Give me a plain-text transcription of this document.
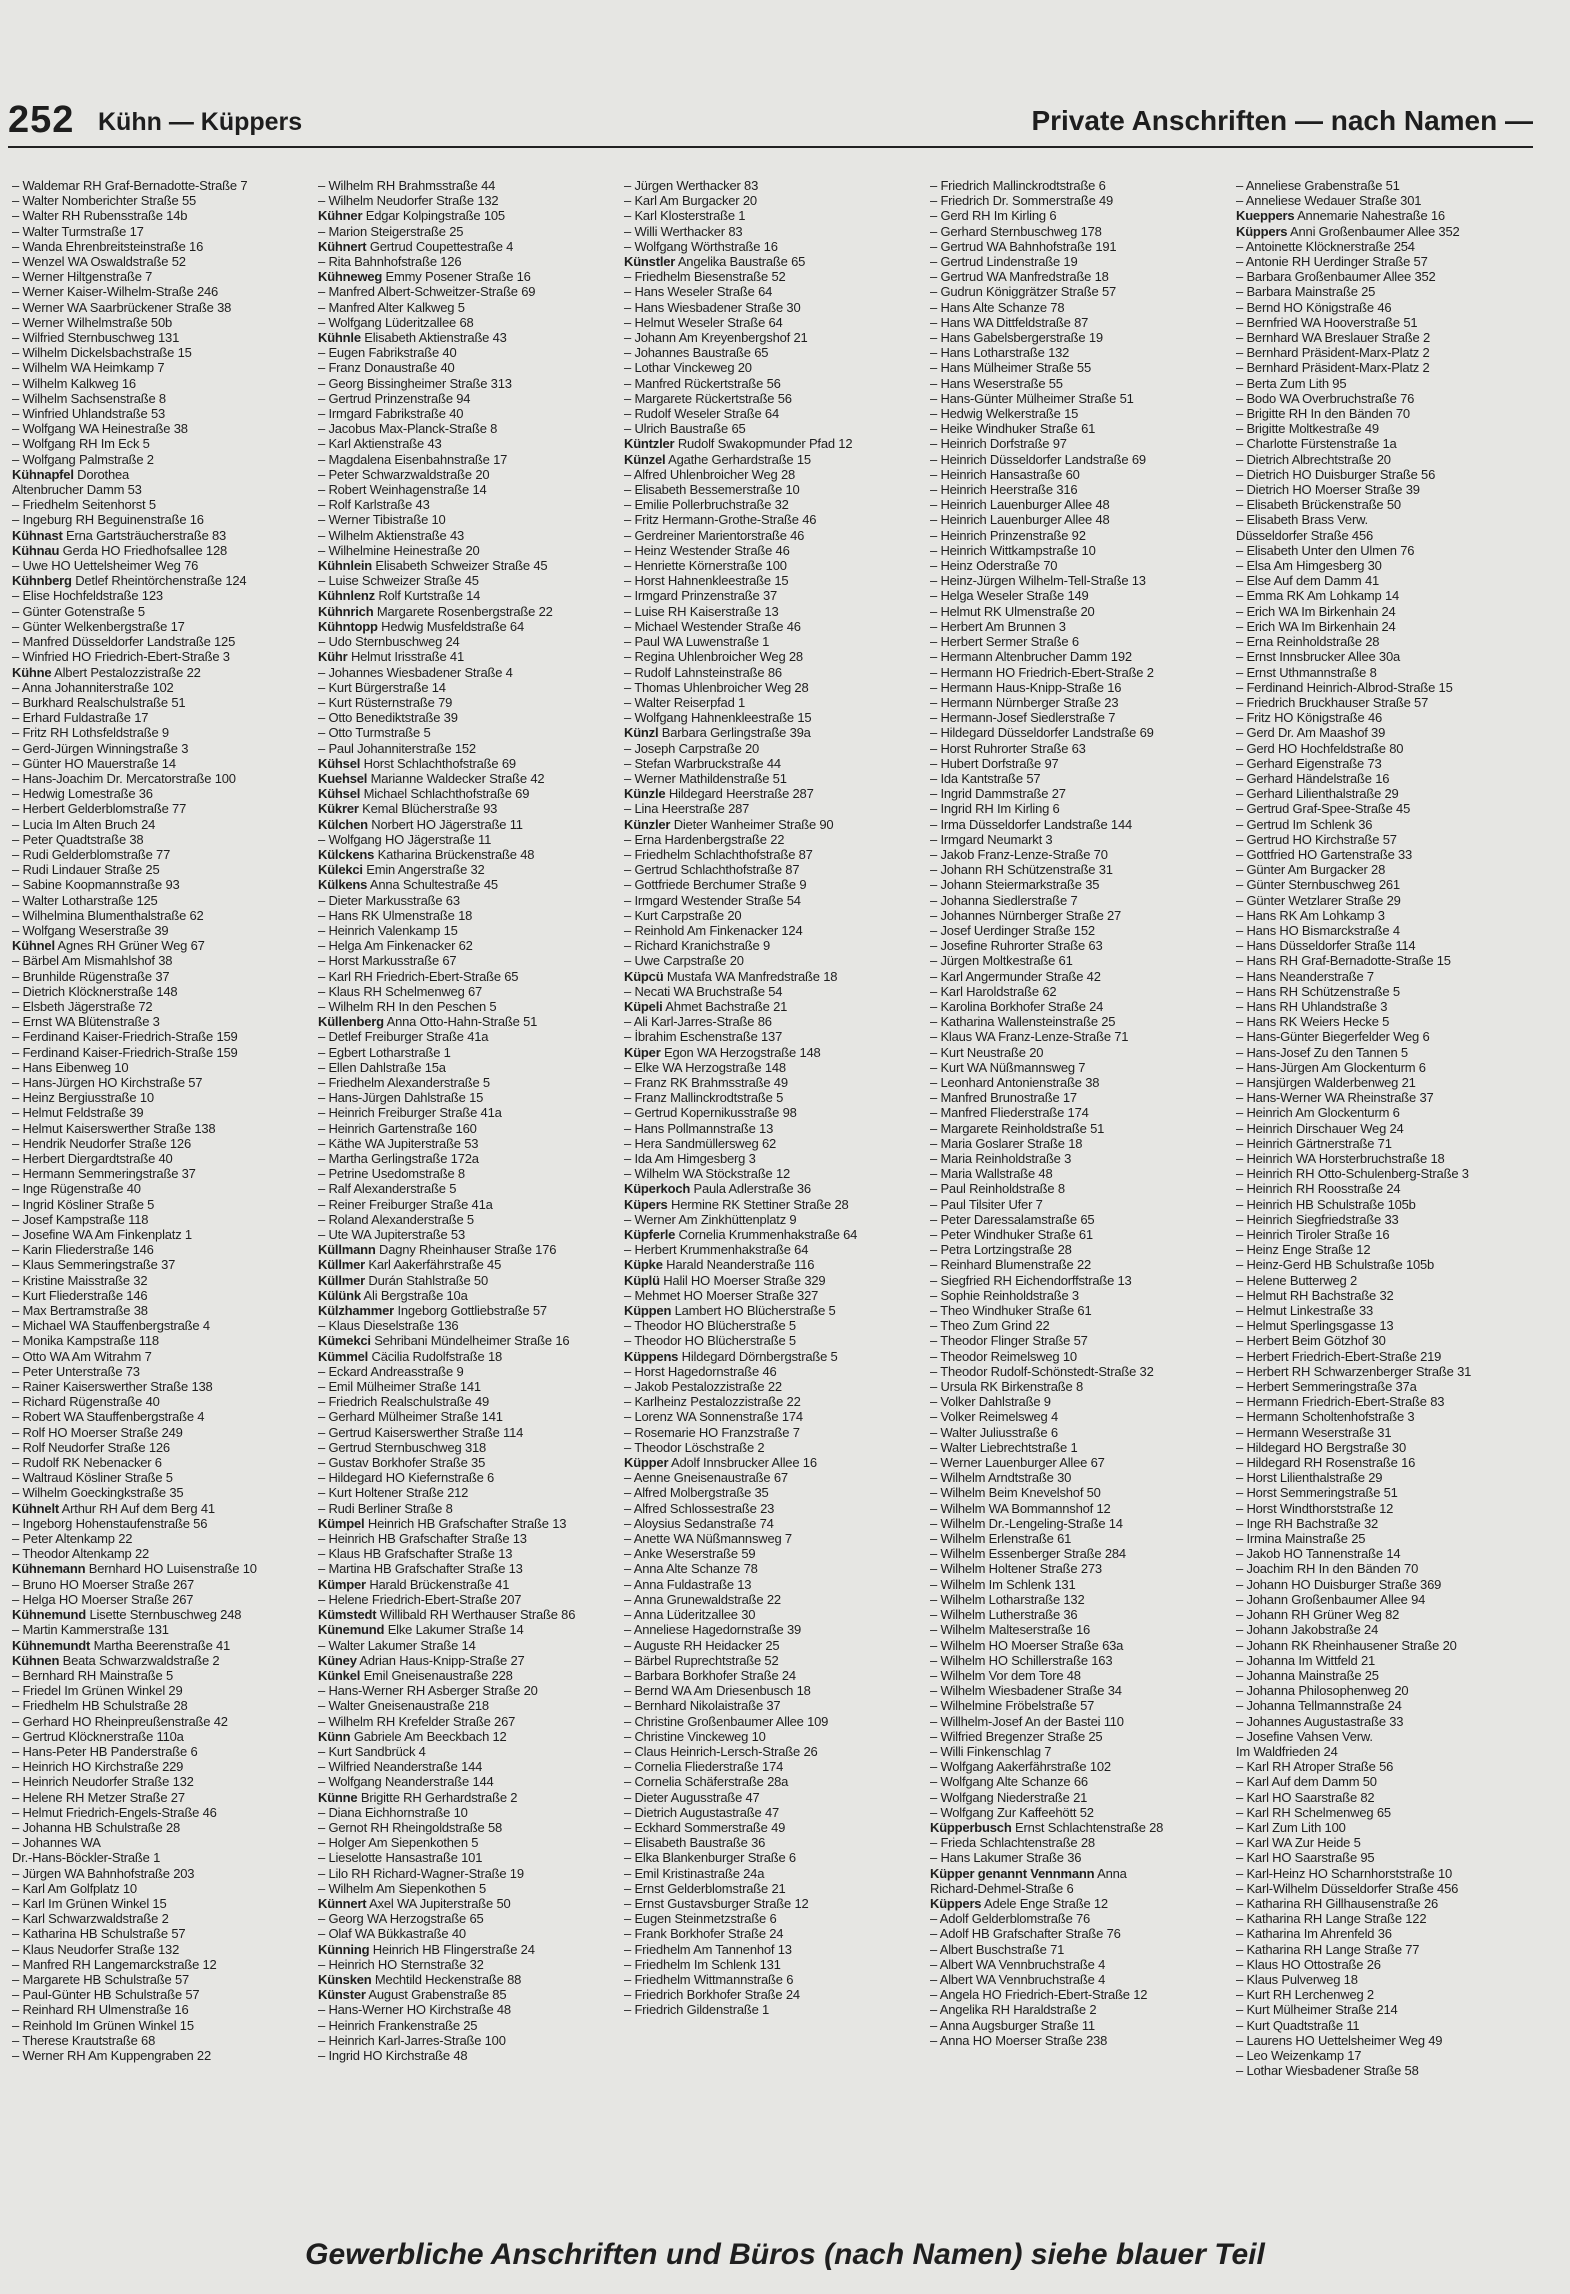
252 Kühn — Küppers	Private Anschriften — nach Namen —
– Waldemar RH Graf-Bernadotte-Straße 7
– Walter Nomberichter Straße 55
– Walter RH Rubensstraße 14b
– Walter Turmstraße 17
– Wanda Ehrenbreitsteinstraße 16
– Wenzel WA Oswaldstraße 52
– Werner Hiltgenstraße 7
– Werner Kaiser-Wilhelm-Straße 246
– Werner WA Saarbrückener Straße 38
– Werner Wilhelmstraße 50b
– Wilfried Sternbuschweg 131
– Wilhelm Dickelsbachstraße 15
– Wilhelm WA Heimkamp 7
– Wilhelm Kalkweg 16
– Wilhelm Sachsenstraße 8
– Winfried Uhlandstraße 53
– Wolfgang WA Heinestraße 38
– Wolfgang RH Im Eck 5
– Wolfgang Palmstraße 2
Kühnapfel Dorothea
Altenbrucher Damm 53
– Friedhelm Seitenhorst 5
– Ingeburg RH Beguinenstraße 16
Kühnast Erna Gartsträucherstraße 83
Kühnau Gerda HO Friedhofsallee 128
– Uwe HO Uettelsheimer Weg 76
Kühnberg Detlef Rheintörchenstraße 124
– Elise Hochfeldstraße 123
– Günter Gotenstraße 5
– Günter Welkenbergstraße 17
– Manfred Düsseldorfer Landstraße 125
– Winfried HO Friedrich-Ebert-Straße 3
Kühne Albert Pestalozzistraße 22
– Anna Johanniterstraße 102
– Burkhard Realschulstraße 51
– Erhard Fuldastraße 17
– Fritz RH Lothsfeldstraße 9
– Gerd-Jürgen Winningstraße 3
– Günter HO Mauerstraße 14
– Hans-Joachim Dr. Mercatorstraße 100
– Hedwig Lomestraße 36
– Herbert Gelderblomstraße 77
– Lucia Im Alten Bruch 24
– Peter Quadtstraße 38
– Rudi Gelderblomstraße 77
– Rudi Lindauer Straße 25
– Sabine Koopmannstraße 93
– Walter Lotharstraße 125
– Wilhelmina Blumenthalstraße 62
– Wolfgang Weserstraße 39
Kühnel Agnes RH Grüner Weg 67
– Bärbel Am Mismahlshof 38
– Brunhilde Rügenstraße 37
– Dietrich Klöcknerstraße 148
– Elsbeth Jägerstraße 72
– Ernst WA Blütenstraße 3
– Ferdinand Kaiser-Friedrich-Straße 159
– Ferdinand Kaiser-Friedrich-Straße 159
– Hans Eibenweg 10
– Hans-Jürgen HO Kirchstraße 57
– Heinz Bergiusstraße 10
– Helmut Feldstraße 39
– Helmut Kaiserswerther Straße 138
– Hendrik Neudorfer Straße 126
– Herbert Diergardtstraße 40
– Hermann Semmeringstraße 37
– Inge Rügenstraße 40
– Ingrid Kösliner Straße 5
– Josef Kampstraße 118
– Josefine WA Am Finkenplatz 1
– Karin Fliederstraße 146
– Klaus Semmeringstraße 37
– Kristine Maisstraße 32
– Kurt Fliederstraße 146
– Max Bertramstraße 38
– Michael WA Stauffenbergstraße 4
– Monika Kampstraße 118
– Otto WA Am Witrahm 7
– Peter Unterstraße 73
– Rainer Kaiserswerther Straße 138
– Richard Rügenstraße 40
– Robert WA Stauffenbergstraße 4
– Rolf HO Moerser Straße 249
– Rolf Neudorfer Straße 126
– Rudolf RK Nebenacker 6
– Waltraud Kösliner Straße 5
– Wilhelm Goeckingkstraße 35
Kühnelt Arthur RH Auf dem Berg 41
– Ingeborg Hohenstaufenstraße 56
– Peter Altenkamp 22
– Theodor Altenkamp 22
Kühnemann Bernhard HO Luisenstraße 10
– Bruno HO Moerser Straße 267
– Helga HO Moerser Straße 267
Kühnemund Lisette Sternbuschweg 248
– Martin Kammerstraße 131
Kühnemundt Martha Beerenstraße 41
Kühnen Beata Schwarzwaldstraße 2
– Bernhard RH Mainstraße 5
– Friedel Im Grünen Winkel 29
– Friedhelm HB Schulstraße 28
– Gerhard HO Rheinpreußenstraße 42
– Gertrud Klöcknerstraße 110a
– Hans-Peter HB Panderstraße 6
– Heinrich HO Kirchstraße 229
– Heinrich Neudorfer Straße 132
– Helene RH Metzer Straße 27
– Helmut Friedrich-Engels-Straße 46
– Johanna HB Schulstraße 28
– Johannes WA
Dr.-Hans-Böckler-Straße 1
– Jürgen WA Bahnhofstraße 203
– Karl Am Golfplatz 10
– Karl Im Grünen Winkel 15
– Karl Schwarzwaldstraße 2
– Katharina HB Schulstraße 57
– Klaus Neudorfer Straße 132
– Manfred RH Langemarckstraße 12
– Margarete HB Schulstraße 57
– Paul-Günter HB Schulstraße 57
– Reinhard RH Ulmenstraße 16
– Reinhold Im Grünen Winkel 15
– Therese Krautstraße 68
– Werner RH Am Kuppengraben 22
– Wilhelm RH Brahmsstraße 44
– Wilhelm Neudorfer Straße 132
Kühner Edgar Kolpingstraße 105
– Marion Steigerstraße 25
Kühnert Gertrud Coupettestraße 4
– Rita Bahnhofstraße 126
Kühneweg Emmy Posener Straße 16
– Manfred Albert-Schweitzer-Straße 69
– Manfred Alter Kalkweg 5
– Wolfgang Lüderitzallee 68
Kühnle Elisabeth Aktienstraße 43
– Eugen Fabrikstraße 40
– Franz Donaustraße 40
– Georg Bissingheimer Straße 313
– Gertrud Prinzenstraße 94
– Irmgard Fabrikstraße 40
– Jacobus Max-Planck-Straße 8
– Karl Aktienstraße 43
– Magdalena Eisenbahnstraße 17
– Peter Schwarzwaldstraße 20
– Robert Weinhagenstraße 14
– Rolf Karlstraße 43
– Werner Tibistraße 10
– Wilhelm Aktienstraße 43
– Wilhelmine Heinestraße 20
Kühnlein Elisabeth Schweizer Straße 45
– Luise Schweizer Straße 45
Kühnlenz Rolf Kurtstraße 14
Kühnrich Margarete Rosenbergstraße 22
Kühntopp Hedwig Musfeldstraße 64
– Udo Sternbuschweg 24
Kühr Helmut Irisstraße 41
– Johannes Wiesbadener Straße 4
– Kurt Bürgerstraße 14
– Kurt Rüsternstraße 79
– Otto Benediktstraße 39
– Otto Turmstraße 5
– Paul Johanniterstraße 152
Kühsel Horst Schlachthofstraße 69
Kuehsel Marianne Waldecker Straße 42
Kühsel Michael Schlachthofstraße 69
Kükrer Kemal Blücherstraße 93
Külchen Norbert HO Jägerstraße 11
– Wolfgang HO Jägerstraße 11
Külckens Katharina Brückenstraße 48
Külekci Emin Angerstraße 32
Külkens Anna Schultestraße 45
– Dieter Markusstraße 63
– Hans RK Ulmenstraße 18
– Heinrich Valenkamp 15
– Helga Am Finkenacker 62
– Horst Markusstraße 67
– Karl RH Friedrich-Ebert-Straße 65
– Klaus RH Schelmenweg 67
– Wilhelm RH In den Peschen 5
Küllenberg Anna Otto-Hahn-Straße 51
– Detlef Freiburger Straße 41a
– Egbert Lotharstraße 1
– Ellen Dahlstraße 15a
– Friedhelm Alexanderstraße 5
– Hans-Jürgen Dahlstraße 15
– Heinrich Freiburger Straße 41a
– Heinrich Gartenstraße 160
– Käthe WA Jupiterstraße 53
– Martha Gerlingstraße 172a
– Petrine Usedomstraße 8
– Ralf Alexanderstraße 5
– Reiner Freiburger Straße 41a
– Roland Alexanderstraße 5
– Ute WA Jupiterstraße 53
Küllmann Dagny Rheinhauser Straße 176
Küllmer Karl Aakerfährstraße 45
Küllmer Durán Stahlstraße 50
Külünk Ali Bergstraße 10a
Külzhammer Ingeborg Gottliebstraße 57
– Klaus Dieselstraße 136
Kümekci Sehribani Mündelheimer Straße 16
Kümmel Cäcilia Rudolfstraße 18
– Eckard Andreasstraße 9
– Emil Mülheimer Straße 141
– Friedrich Realschulstraße 49
– Gerhard Mülheimer Straße 141
– Gertrud Kaiserswerther Straße 114
– Gertrud Sternbuschweg 318
– Gustav Borkhofer Straße 35
– Hildegard HO Kiefernstraße 6
– Kurt Holtener Straße 212
– Rudi Berliner Straße 8
Kümpel Heinrich HB Grafschafter Straße 13
– Heinrich HB Grafschafter Straße 13
– Klaus HB Grafschafter Straße 13
– Martina HB Grafschafter Straße 13
Kümper Harald Brückenstraße 41
– Helene Friedrich-Ebert-Straße 207
Kümstedt Willibald RH Werthauser Straße 86
Künemund Elke Lakumer Straße 14
– Walter Lakumer Straße 14
Küney Adrian Haus-Knipp-Straße 27
Künkel Emil Gneisenaustraße 228
– Hans-Werner RH Asberger Straße 20
– Walter Gneisenaustraße 218
– Wilhelm RH Krefelder Straße 267
Künn Gabriele Am Beeckbach 12
– Kurt Sandbrück 4
– Wilfried Neanderstraße 144
– Wolfgang Neanderstraße 144
Künne Brigitte RH Gerhardstraße 2
– Diana Eichhornstraße 10
– Gernot RH Rheingoldstraße 58
– Holger Am Siepenkothen 5
– Lieselotte Hansastraße 101
– Lilo RH Richard-Wagner-Straße 19
– Wilhelm Am Siepenkothen 5
Künnert Axel WA Jupiterstraße 50
– Georg WA Herzogstraße 65
– Olaf WA Bükkastraße 40
Künning Heinrich HB Flingerstraße 24
– Heinrich HO Sternstraße 32
Künsken Mechtild Heckenstraße 88
Künster August Grabenstraße 85
– Hans-Werner HO Kirchstraße 48
– Heinrich Frankenstraße 25
– Heinrich Karl-Jarres-Straße 100
– Ingrid HO Kirchstraße 48
– Jürgen Werthacker 83
– Karl Am Burgacker 20
– Karl Klosterstraße 1
– Willi Werthacker 83
– Wolfgang Wörthstraße 16
Künstler Angelika Baustraße 65
– Friedhelm Biesenstraße 52
– Hans Weseler Straße 64
– Hans Wiesbadener Straße 30
– Helmut Weseler Straße 64
– Johann Am Kreyenbergshof 21
– Johannes Baustraße 65
– Lothar Vinckeweg 20
– Manfred Rückertstraße 56
– Margarete Rückertstraße 56
– Rudolf Weseler Straße 64
– Ulrich Baustraße 65
Küntzler Rudolf Swakopmunder Pfad 12
Künzel Agathe Gerhardstraße 15
– Alfred Uhlenbroicher Weg 28
– Elisabeth Bessemerstraße 10
– Emilie Pollerbruchstraße 32
– Fritz Hermann-Grothe-Straße 46
– Gerdreiner Marientorstraße 46
– Heinz Westender Straße 46
– Henriette Körnerstraße 100
– Horst Hahnenkleestraße 15
– Irmgard Prinzenstraße 37
– Luise RH Kaiserstraße 13
– Michael Westender Straße 46
– Paul WA Luwenstraße 1
– Regina Uhlenbroicher Weg 28
– Rudolf Lahnsteinstraße 86
– Thomas Uhlenbroicher Weg 28
– Walter Reiserpfad 1
– Wolfgang Hahnenkleestraße 15
Künzl Barbara Gerlingstraße 39a
– Joseph Carpstraße 20
– Stefan Warbruckstraße 44
– Werner Mathildenstraße 51
Künzle Hildegard Heerstraße 287
– Lina Heerstraße 287
Künzler Dieter Wanheimer Straße 90
– Erna Hardenbergstraße 22
– Friedhelm Schlachthofstraße 87
– Gertrud Schlachthofstraße 87
– Gottfriede Berchumer Straße 9
– Irmgard Westender Straße 54
– Kurt Carpstraße 20
– Reinhold Am Finkenacker 124
– Richard Kranichstraße 9
– Uwe Carpstraße 20
Küpcü Mustafa WA Manfredstraße 18
– Necati WA Bruchstraße 54
Küpeli Ahmet Bachstraße 21
– Ali Karl-Jarres-Straße 86
– İbrahim Eschenstraße 137
Küper Egon WA Herzogstraße 148
– Elke WA Herzogstraße 148
– Franz RK Brahmsstraße 49
– Franz Mallinckrodtstraße 5
– Gertrud Kopernikusstraße 98
– Hans Pollmannstraße 13
– Hera Sandmüllersweg 62
– Ida Am Himgesberg 3
– Wilhelm WA Stöckstraße 12
Küperkoch Paula Adlerstraße 36
Küpers Hermine RK Stettiner Straße 28
– Werner Am Zinkhüttenplatz 9
Küpferle Cornelia Krummenhakstraße 64
– Herbert Krummenhakstraße 64
Küpke Harald Neanderstraße 116
Küplü Halil HO Moerser Straße 329
– Mehmet HO Moerser Straße 327
Küppen Lambert HO Blücherstraße 5
– Theodor HO Blücherstraße 5
– Theodor HO Blücherstraße 5
Küppens Hildegard Dörnbergstraße 5
– Horst Hagedornstraße 46
– Jakob Pestalozzistraße 22
– Karlheinz Pestalozzistraße 22
– Lorenz WA Sonnenstraße 174
– Rosemarie HO Franzstraße 7
– Theodor Löschstraße 2
Küpper Adolf Innsbrucker Allee 16
– Aenne Gneisenaustraße 67
– Alfred Molbergstraße 35
– Alfred Schlossestraße 23
– Aloysius Sedanstraße 74
– Anette WA Nüßmannsweg 7
– Anke Weserstraße 59
– Anna Alte Schanze 78
– Anna Fuldastraße 13
– Anna Grunewaldstraße 22
– Anna Lüderitzallee 30
– Anneliese Hagedornstraße 39
– Auguste RH Heidacker 25
– Bärbel Ruprechtstraße 52
– Barbara Borkhofer Straße 24
– Bernd WA Am Driesenbusch 18
– Bernhard Nikolaistraße 37
– Christine Großenbaumer Allee 109
– Christine Vinckeweg 10
– Claus Heinrich-Lersch-Straße 26
– Cornelia Fliederstraße 174
– Cornelia Schäferstraße 28a
– Dieter Augusstraße 47
– Dietrich Augustastraße 47
– Eckhard Sommerstraße 49
– Elisabeth Baustraße 36
– Elka Blankenburger Straße 6
– Emil Kristinastraße 24a
– Ernst Gelderblomstraße 21
– Ernst Gustavsburger Straße 12
– Eugen Steinmetzstraße 6
– Frank Borkhofer Straße 24
– Friedhelm Am Tannenhof 13
– Friedhelm Im Schlenk 131
– Friedhelm Wittmannstraße 6
– Friedrich Borkhofer Straße 24
– Friedrich Gildenstraße 1
– Friedrich Mallinckrodtstraße 6
– Friedrich Dr. Sommerstraße 49
– Gerd RH Im Kirling 6
– Gerhard Sternbuschweg 178
– Gertrud WA Bahnhofstraße 191
– Gertrud Lindenstraße 19
– Gertrud WA Manfredstraße 18
– Gudrun Königgrätzer Straße 57
– Hans Alte Schanze 78
– Hans WA Dittfeldstraße 87
– Hans Gabelsbergerstraße 19
– Hans Lotharstraße 132
– Hans Mülheimer Straße 55
– Hans Weserstraße 55
– Hans-Günter Mülheimer Straße 51
– Hedwig Welkerstraße 15
– Heike Windhuker Straße 61
– Heinrich Dorfstraße 97
– Heinrich Düsseldorfer Landstraße 69
– Heinrich Hansastraße 60
– Heinrich Heerstraße 316
– Heinrich Lauenburger Allee 48
– Heinrich Lauenburger Allee 48
– Heinrich Prinzenstraße 92
– Heinrich Wittkampstraße 10
– Heinz Oderstraße 70
– Heinz-Jürgen Wilhelm-Tell-Straße 13
– Helga Weseler Straße 149
– Helmut RK Ulmenstraße 20
– Herbert Am Brunnen 3
– Herbert Sermer Straße 6
– Hermann Altenbrucher Damm 192
– Hermann HO Friedrich-Ebert-Straße 2
– Hermann Haus-Knipp-Straße 16
– Hermann Nürnberger Straße 23
– Hermann-Josef Siedlerstraße 7
– Hildegard Düsseldorfer Landstraße 69
– Horst Ruhrorter Straße 63
– Hubert Dorfstraße 97
– Ida Kantstraße 57
– Ingrid Dammstraße 27
– Ingrid RH Im Kirling 6
– Irma Düsseldorfer Landstraße 144
– Irmgard Neumarkt 3
– Jakob Franz-Lenze-Straße 70
– Johann RH Schützenstraße 31
– Johann Steiermarkstraße 35
– Johanna Siedlerstraße 7
– Johannes Nürnberger Straße 27
– Josef Uerdinger Straße 152
– Josefine Ruhrorter Straße 63
– Jürgen Moltkestraße 61
– Karl Angermunder Straße 42
– Karl Haroldstraße 62
– Karolina Borkhofer Straße 24
– Katharina Wallensteinstraße 25
– Klaus WA Franz-Lenze-Straße 71
– Kurt Neustraße 20
– Kurt WA Nüßmannsweg 7
– Leonhard Antonienstraße 38
– Manfred Brunostraße 17
– Manfred Fliederstraße 174
– Margarete Reinholdstraße 51
– Maria Goslarer Straße 18
– Maria Reinholdstraße 3
– Maria Wallstraße 48
– Paul Reinholdstraße 8
– Paul Tilsiter Ufer 7
– Peter Daressalamstraße 65
– Peter Windhuker Straße 61
– Petra Lortzingstraße 28
– Reinhard Blumenstraße 22
– Siegfried RH Eichendorffstraße 13
– Sophie Reinholdstraße 3
– Theo Windhuker Straße 61
– Theo Zum Grind 22
– Theodor Flinger Straße 57
– Theodor Reimelsweg 10
– Theodor Rudolf-Schönstedt-Straße 32
– Ursula RK Birkenstraße 8
– Volker Dahlstraße 9
– Volker Reimelsweg 4
– Walter Juliusstraße 6
– Walter Liebrechtstraße 1
– Werner Lauenburger Allee 67
– Wilhelm Arndtstraße 30
– Wilhelm Beim Knevelshof 50
– Wilhelm WA Bommannshof 12
– Wilhelm Dr.-Lengeling-Straße 14
– Wilhelm Erlenstraße 61
– Wilhelm Essenberger Straße 284
– Wilhelm Holtener Straße 273
– Wilhelm Im Schlenk 131
– Wilhelm Lotharstraße 132
– Wilhelm Lutherstraße 36
– Wilhelm Malteserstraße 16
– Wilhelm HO Moerser Straße 63a
– Wilhelm HO Schillerstraße 163
– Wilhelm Vor dem Tore 48
– Wilhelm Wiesbadener Straße 34
– Wilhelmine Fröbelstraße 57
– Willhelm-Josef An der Bastei 110
– Wilfried Bregenzer Straße 25
– Willi Finkenschlag 7
– Wolfgang Aakerfährstraße 102
– Wolfgang Alte Schanze 66
– Wolfgang Niederstraße 21
– Wolfgang Zur Kaffeehött 52
Küpperbusch Ernst Schlachtenstraße 28
– Frieda Schlachtenstraße 28
– Hans Lakumer Straße 36
Küpper genannt Vennmann Anna
Richard-Dehmel-Straße 6
Küppers Adele Enge Straße 12
– Adolf Gelderblomstraße 76
– Adolf HB Grafschafter Straße 76
– Albert Buschstraße 71
– Albert WA Vennbruchstraße 4
– Albert WA Vennbruchstraße 4
– Angela HO Friedrich-Ebert-Straße 12
– Angelika RH Haraldstraße 2
– Anna Augsburger Straße 11
– Anna HO Moerser Straße 238
– Anneliese Grabenstraße 51
– Anneliese Wedauer Straße 301
Kueppers Annemarie Nahestraße 16
Küppers Anni Großenbaumer Allee 352
– Antoinette Klöcknerstraße 254
– Antonie RH Uerdinger Straße 57
– Barbara Großenbaumer Allee 352
– Barbara Mainstraße 25
– Bernd HO Königstraße 46
– Bernfried WA Hooverstraße 51
– Bernhard WA Breslauer Straße 2
– Bernhard Präsident-Marx-Platz 2
– Bernhard Präsident-Marx-Platz 2
– Berta Zum Lith 95
– Bodo WA Overbruchstraße 76
– Brigitte RH In den Bänden 70
– Brigitte Moltkestraße 49
– Charlotte Fürstenstraße 1a
– Dietrich Albrechtstraße 20
– Dietrich HO Duisburger Straße 56
– Dietrich HO Moerser Straße 39
– Elisabeth Brückenstraße 50
– Elisabeth Brass Verw.
Düsseldorfer Straße 456
– Elisabeth Unter den Ulmen 76
– Elsa Am Himgesberg 30
– Else Auf dem Damm 41
– Emma RK Am Lohkamp 14
– Erich WA Im Birkenhain 24
– Erich WA Im Birkenhain 24
– Erna Reinholdstraße 28
– Ernst Innsbrucker Allee 30a
– Ernst Uthmannstraße 8
– Ferdinand Heinrich-Albrod-Straße 15
– Friedrich Bruckhauser Straße 57
– Fritz HO Königstraße 46
– Gerd Dr. Am Maashof 39
– Gerd HO Hochfeldstraße 80
– Gerhard Eigenstraße 73
– Gerhard Händelstraße 16
– Gerhard Lilienthalstraße 29
– Gertrud Graf-Spee-Straße 45
– Gertrud Im Schlenk 36
– Gertrud HO Kirchstraße 57
– Gottfried HO Gartenstraße 33
– Günter Am Burgacker 28
– Günter Sternbuschweg 261
– Günter Wetzlarer Straße 29
– Hans RK Am Lohkamp 3
– Hans HO Bismarckstraße 4
– Hans Düsseldorfer Straße 114
– Hans RH Graf-Bernadotte-Straße 15
– Hans Neanderstraße 7
– Hans RH Schützenstraße 5
– Hans RH Uhlandstraße 3
– Hans RK Weiers Hecke 5
– Hans-Günter Biegerfelder Weg 6
– Hans-Josef Zu den Tannen 5
– Hans-Jürgen Am Glockenturm 6
– Hansjürgen Walderbenweg 21
– Hans-Werner WA Rheinstraße 37
– Heinrich Am Glockenturm 6
– Heinrich Dirschauer Weg 24
– Heinrich Gärtnerstraße 71
– Heinrich WA Horsterbruchstraße 18
– Heinrich RH Otto-Schulenberg-Straße 3
– Heinrich RH Roosstraße 24
– Heinrich HB Schulstraße 105b
– Heinrich Siegfriedstraße 33
– Heinrich Tiroler Straße 16
– Heinz Enge Straße 12
– Heinz-Gerd HB Schulstraße 105b
– Helene Butterweg 2
– Helmut RH Bachstraße 32
– Helmut Linkestraße 33
– Helmut Sperlingsgasse 13
– Herbert Beim Götzhof 30
– Herbert Friedrich-Ebert-Straße 219
– Herbert RH Schwarzenberger Straße 31
– Herbert Semmeringstraße 37a
– Hermann Friedrich-Ebert-Straße 83
– Hermann Scholtenhofstraße 3
– Hermann Weserstraße 31
– Hildegard HO Bergstraße 30
– Hildegard RH Rosenstraße 16
– Horst Lilienthalstraße 29
– Horst Semmeringstraße 51
– Horst Windthorststraße 12
– Inge RH Bachstraße 32
– Irmina Mainstraße 25
– Jakob HO Tannenstraße 14
– Joachim RH In den Bänden 70
– Johann HO Duisburger Straße 369
– Johann Großenbaumer Allee 94
– Johann RH Grüner Weg 82
– Johann Jakobstraße 24
– Johann RK Rheinhausener Straße 20
– Johanna Im Wittfeld 21
– Johanna Mainstraße 25
– Johanna Philosophenweg 20
– Johanna Tellmannstraße 24
– Johannes Augustastraße 33
– Josefine Vahsen Verw.
Im Waldfrieden 24
– Karl RH Atroper Straße 56
– Karl Auf dem Damm 50
– Karl HO Saarstraße 82
– Karl RH Schelmenweg 65
– Karl Zum Lith 100
– Karl WA Zur Heide 5
– Karl HO Saarstraße 95
– Karl-Heinz HO Scharnhorststraße 10
– Karl-Wilhelm Düsseldorfer Straße 456
– Katharina RH Gillhausenstraße 26
– Katharina RH Lange Straße 122
– Katharina Im Ahrenfeld 36
– Katharina RH Lange Straße 77
– Klaus HO Ottostraße 26
– Klaus Pulverweg 18
– Kurt RH Lerchenweg 2
– Kurt Mülheimer Straße 214
– Kurt Quadtstraße 11
– Laurens HO Uettelsheimer Weg 49
– Leo Weizenkamp 17
– Lothar Wiesbadener Straße 58
Gewerbliche Anschriften und Büros (nach Namen) siehe blauer Teil
